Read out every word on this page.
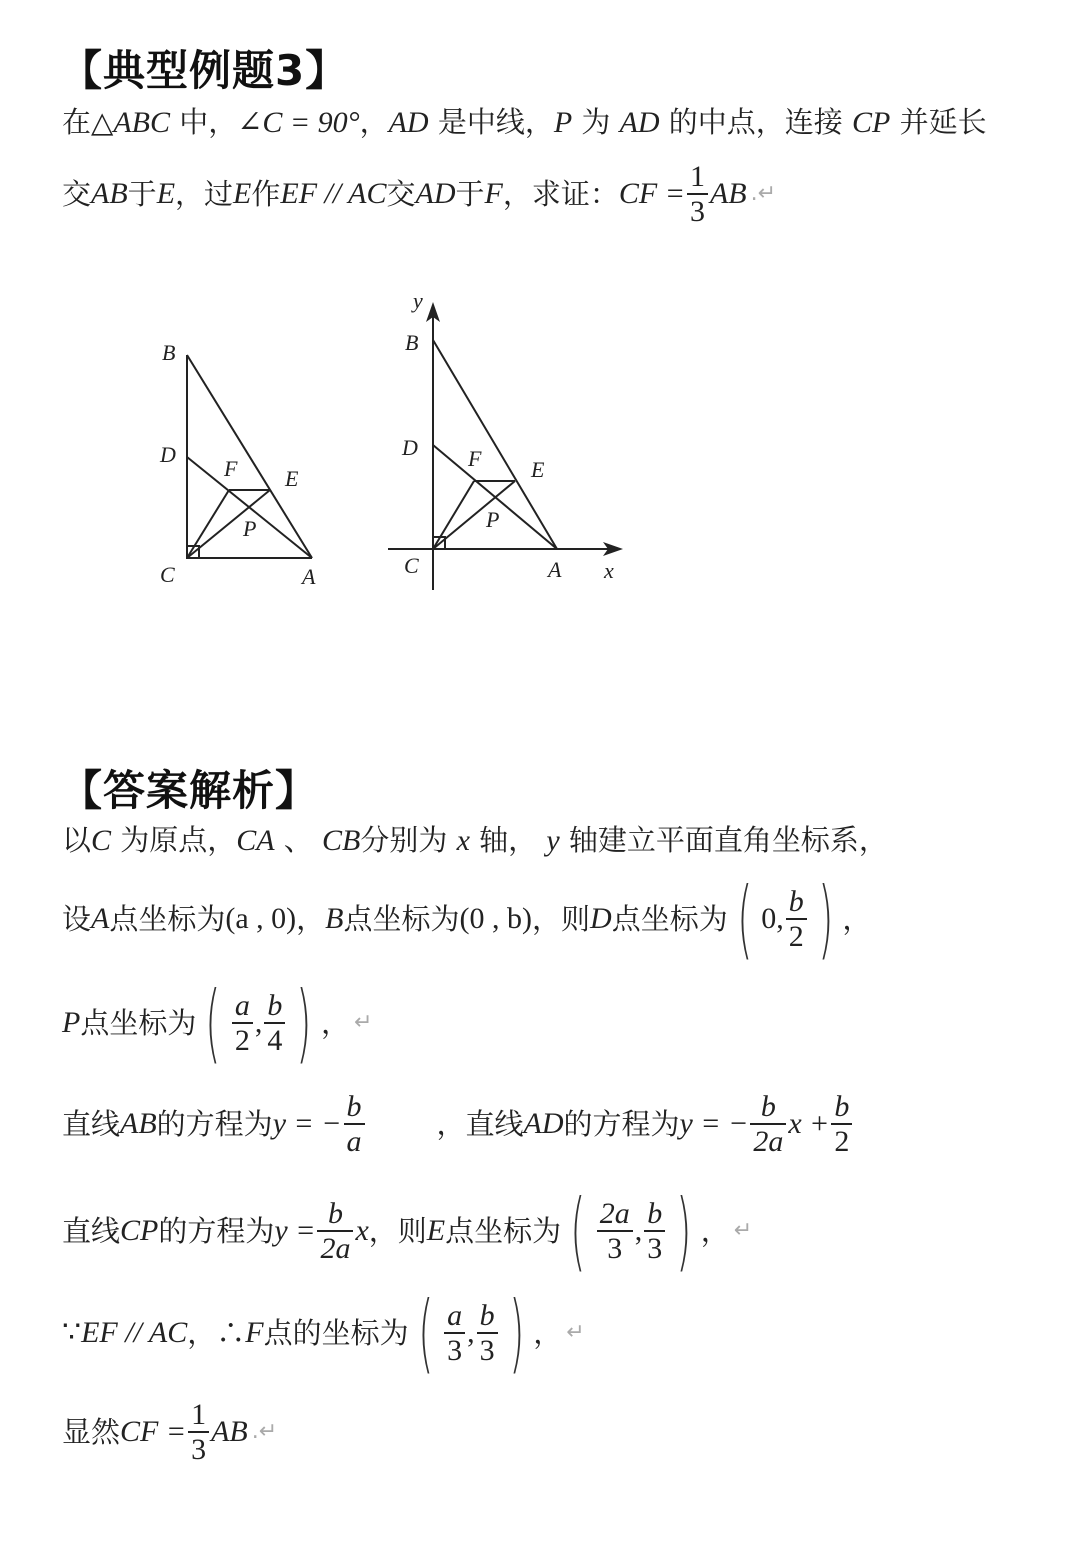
【典型例题3】
在△ABC 中，∠C = 90°，AD 是中线，P 为 AD 的中点，连接 CP 并延长
交 AB 于 E ，过 E 作 EF // AC 交 AD 于 F ，求证： CF = $\frac{1}{3}$ AB .↵
B
D
F E
P
C	A
y
B
D F E
P
C	A x
【答案解析】
以C 为原点，CA 、 CB分别为 x 轴， y 轴建立平面直角坐标系，
设 A 点坐标为 (a , 0) ， B 点坐标为 (0 , b) ，则 D 点坐标为 ( 0 , $\frac{b}{2}$ ) ，
P 点坐标为 ( $\frac{a}{2}$ , $\frac{b}{4}$ ) ， ↵
直线 AB 的方程为 y = − $\frac{b}{a}$ ，直线 AD 的方程为 y = − $\frac{b}{2a}$ $x + \frac{b}{2}$
直线 CP 的方程为 $y = \frac{b}{2a}$ x ，则 E 点坐标为 ( $\frac{2a}{3}$ , $\frac{b}{3}$ ) ， ↵
∵ EF // AC ，∴ F 点的坐标为 ( $\frac{a}{3}$ , $\frac{b}{3}$ ) ， ↵
显然 CF = $\frac{1}{3}$ AB .↵
